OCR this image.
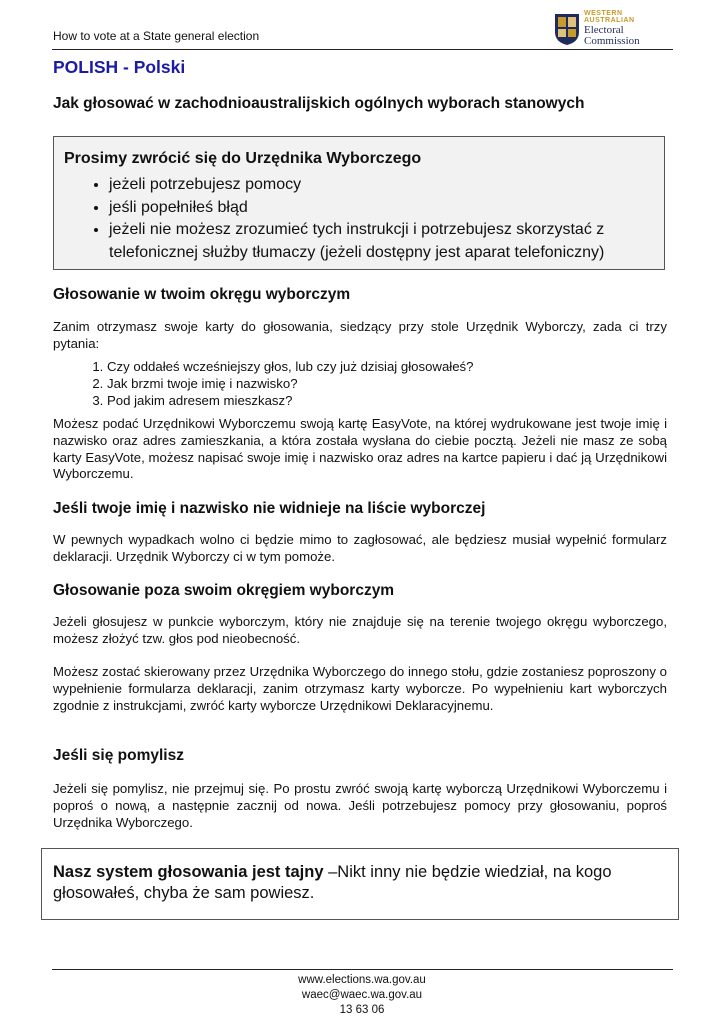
How to vote at a State general election
WESTERN AUSTRALIAN
Electoral Commission
POLISH - Polski
Jak głosować w zachodnioaustralijskich ogólnych wyborach stanowych
Prosimy zwrócić się do Urzędnika Wyborczego
• jeżeli potrzebujesz pomocy
• jeśli popełniłeś błąd
• jeżeli nie możesz zrozumieć tych instrukcji i potrzebujesz skorzystać z telefonicznej służby tłumaczy (jeżeli dostępny jest aparat telefoniczny)
Głosowanie w twoim okręgu wyborczym
Zanim otrzymasz swoje karty do głosowania, siedzący przy stole Urzędnik Wyborczy, zada ci trzy pytania:
1. Czy oddałeś wcześniejszy głos, lub czy już dzisiaj głosowałeś?
2. Jak brzmi twoje imię i nazwisko?
3. Pod jakim adresem mieszkasz?
Możesz podać Urzędnikowi Wyborczemu swoją kartę EasyVote, na której wydrukowane jest twoje imię i nazwisko oraz adres zamieszkania, a która została wysłana do ciebie pocztą. Jeżeli nie masz ze sobą karty EasyVote, możesz napisać swoje imię i nazwisko oraz adres na kartce papieru i dać ją Urzędnikowi Wyborczemu.
Jeśli twoje imię i nazwisko nie widnieje na liście wyborczej
W pewnych wypadkach wolno ci będzie mimo to zagłosować, ale będziesz musiał wypełnić formularz deklaracji. Urzędnik Wyborczy ci w tym pomoże.
Głosowanie poza swoim okręgiem wyborczym
Jeżeli głosujesz w punkcie wyborczym, który nie znajduje się na terenie twojego okręgu wyborczego, możesz złożyć tzw. głos pod nieobecność.
Możesz zostać skierowany przez Urzędnika Wyborczego do innego stołu, gdzie zostaniesz poproszony o wypełnienie formularza deklaracji, zanim otrzymasz karty wyborcze. Po wypełnieniu kart wyborczych zgodnie z instrukcjami, zwróć karty wyborcze Urzędnikowi Deklaracyjnemu.
Jeśli się pomylisz
Jeżeli się pomylisz, nie przejmuj się. Po prostu zwróć swoją kartę wyborczą Urzędnikowi Wyborczemu i poproś o nową, a następnie zacznij od nowa. Jeśli potrzebujesz pomocy przy głosowaniu, poproś Urzędnika Wyborczego.
Nasz system głosowania jest tajny –Nikt inny nie będzie wiedział, na kogo głosowałeś, chyba że sam powiesz.
www.elections.wa.gov.au
waec@waec.wa.gov.au
13 63 06
